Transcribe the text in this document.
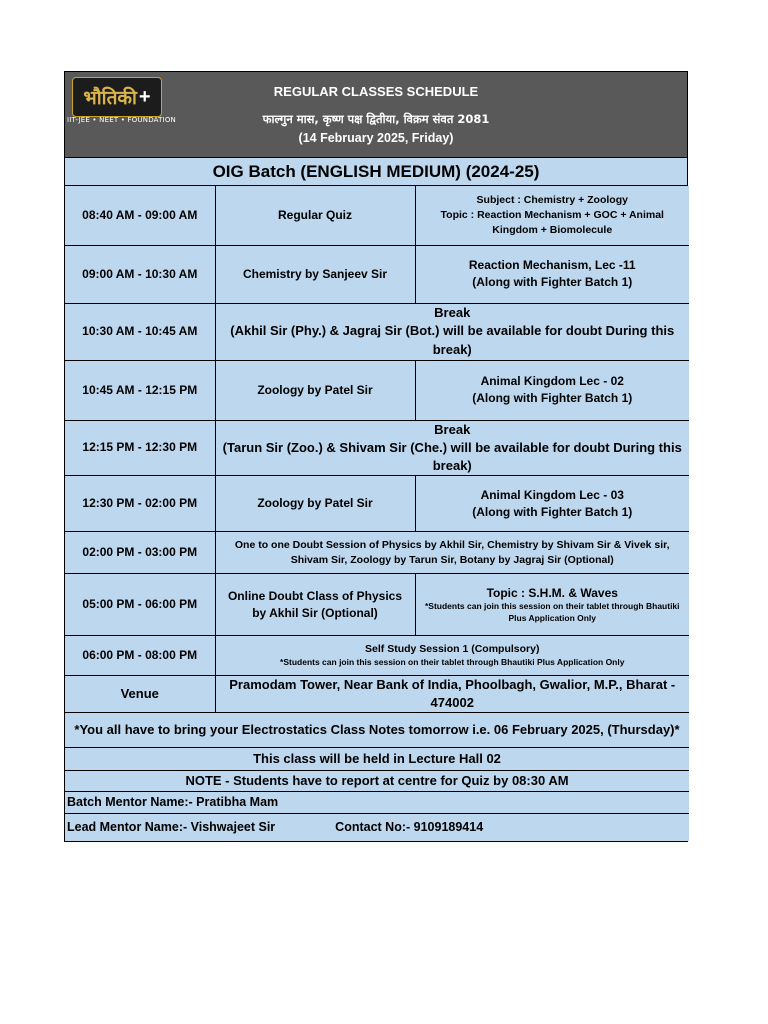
भौतिकी +
IIT-JEE • NEET • FOUNDATION
REGULAR CLASSES SCHEDULE
फाल्गुन मास, कृष्ण पक्ष द्वितीया, विक्रम संवत 2081
(14 February 2025, Friday)
OIG Batch (ENGLISH MEDIUM) (2024-25)
08:40 AM - 09:00 AM	Regular Quiz	Subject : Chemistry + Zoology
Topic : Reaction Mechanism + GOC + Animal Kingdom + Biomolecule

09:00 AM - 10:30 AM	Chemistry by Sanjeev Sir	Reaction Mechanism, Lec -11
(Along with Fighter Batch 1)

10:30 AM - 10:45 AM	Break
(Akhil Sir (Phy.) & Jagraj Sir (Bot.) will be available for doubt During this break)	

10:45 AM - 12:15 PM	Zoology by Patel Sir	Animal Kingdom Lec - 02
(Along with Fighter Batch 1)

12:15 PM - 12:30 PM	Break
(Tarun Sir (Zoo.) & Shivam Sir (Che.) will be available for doubt During this break)	

12:30 PM - 02:00 PM	Zoology by Patel Sir	Animal Kingdom Lec - 03
(Along with Fighter Batch 1)

02:00 PM - 03:00 PM	One to one Doubt Session of Physics by Akhil Sir, Chemistry by Shivam Sir & Vivek sir, Shivam Sir, Zoology by Tarun Sir, Botany by Jagraj Sir (Optional)	
05:00 PM - 06:00 PM	Online Doubt Class of Physics by Akhil Sir (Optional)	Topic : S.H.M. & Waves
*Students can join this session on their tablet through Bhautiki Plus Application Only

06:00 PM - 08:00 PM	Self Study Session 1 (Compulsory)
*Students can join this session on their tablet through Bhautiki Plus Application Only	

Venue	Pramodam Tower, Near Bank of India, Phoolbagh, Gwalior, M.P., Bharat - 474002	
*You all have to bring your Electrostatics Class Notes tomorrow i.e. 06 February 2025, (Thursday)*		
This class will be held in Lecture Hall 02		
NOTE - Students have to report at centre for Quiz by 08:30 AM		
Batch Mentor Name:- Pratibha Mam		
Lead Mentor Name:- Vishwajeet Sir Contact No:- 9109189414		
